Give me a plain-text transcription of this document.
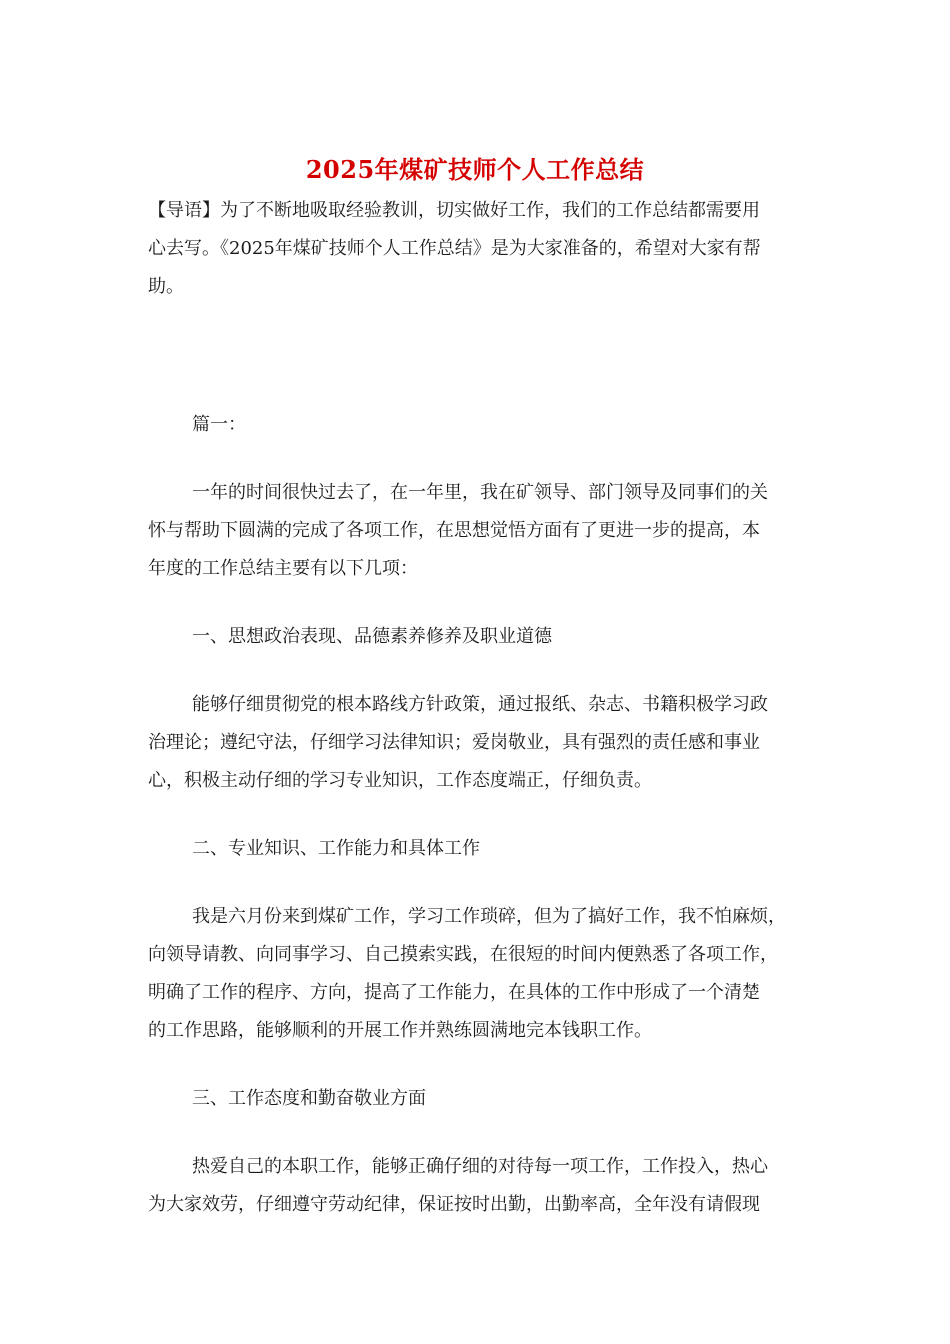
2025年煤矿技师个人工作总结
【导语】为了不断地吸取经验教训，切实做好工作，我们的工作总结都需要用
心去写。《2025年煤矿技师个人工作总结》是为大家准备的，希望对大家有帮
助。
篇一：
一年的时间很快过去了，在一年里，我在矿领导、部门领导及同事们的关
怀与帮助下圆满的完成了各项工作，在思想觉悟方面有了更进一步的提高，本
年度的工作总结主要有以下几项：
一、思想政治表现、品德素养修养及职业道德
能够仔细贯彻党的根本路线方针政策，通过报纸、杂志、书籍积极学习政
治理论；遵纪守法，仔细学习法律知识；爱岗敬业，具有强烈的责任感和事业
心，积极主动仔细的学习专业知识，工作态度端正，仔细负责。
二、专业知识、工作能力和具体工作
我是六月份来到煤矿工作，学习工作琐碎，但为了搞好工作，我不怕麻烦，
向领导请教、向同事学习、自己摸索实践，在很短的时间内便熟悉了各项工作，
明确了工作的程序、方向，提高了工作能力，在具体的工作中形成了一个清楚
的工作思路，能够顺利的开展工作并熟练圆满地完本钱职工作。
三、工作态度和勤奋敬业方面
热爱自己的本职工作，能够正确仔细的对待每一项工作，工作投入，热心
为大家效劳，仔细遵守劳动纪律，保证按时出勤，出勤率高，全年没有请假现
